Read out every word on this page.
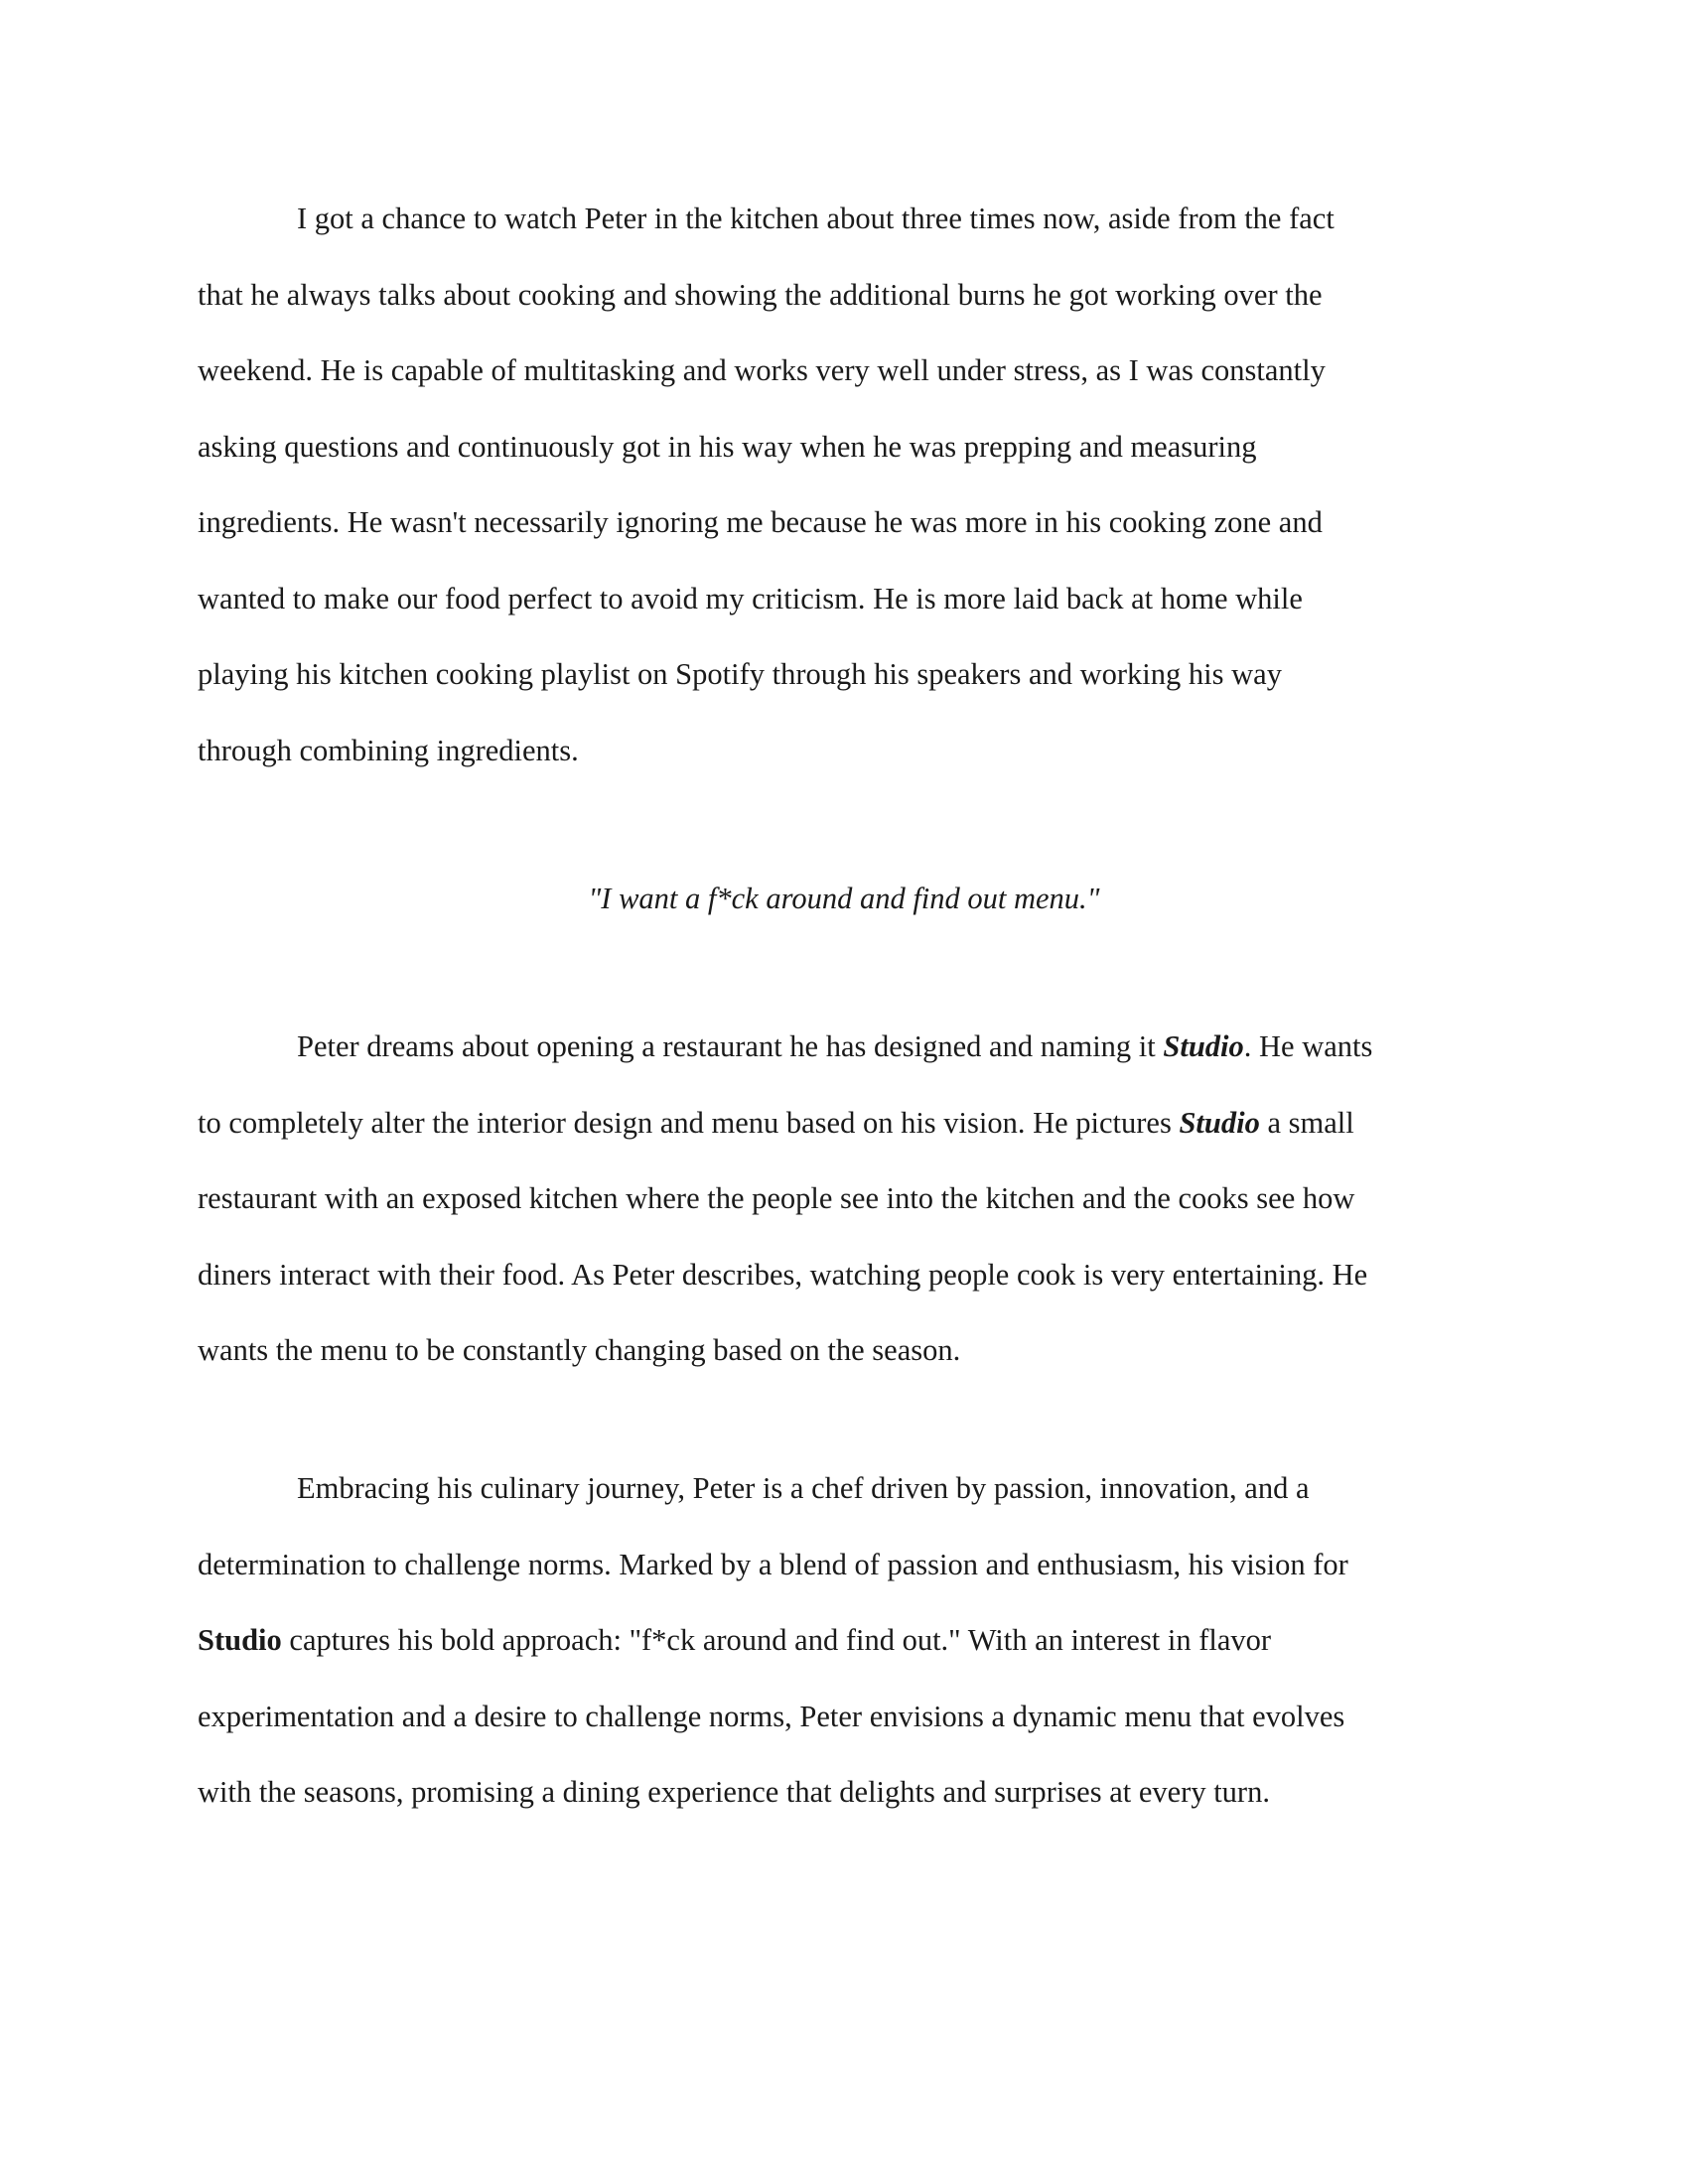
I got a chance to watch Peter in the kitchen about three times now, aside from the fact
that he always talks about cooking and showing the additional burns he got working over the
weekend. He is capable of multitasking and works very well under stress, as I was constantly
asking questions and continuously got in his way when he was prepping and measuring
ingredients. He wasn't necessarily ignoring me because he was more in his cooking zone and
wanted to make our food perfect to avoid my criticism. He is more laid back at home while
playing his kitchen cooking playlist on Spotify through his speakers and working his way
through combining ingredients.

"I want a f*ck around and find out menu."

Peter dreams about opening a restaurant he has designed and naming it Studio. He wants
to completely alter the interior design and menu based on his vision. He pictures Studio a small
restaurant with an exposed kitchen where the people see into the kitchen and the cooks see how
diners interact with their food. As Peter describes, watching people cook is very entertaining. He
wants the menu to be constantly changing based on the season.

Embracing his culinary journey, Peter is a chef driven by passion, innovation, and a
determination to challenge norms. Marked by a blend of passion and enthusiasm, his vision for
Studio captures his bold approach: "f*ck around and find out." With an interest in flavor
experimentation and a desire to challenge norms, Peter envisions a dynamic menu that evolves
with the seasons, promising a dining experience that delights and surprises at every turn.
